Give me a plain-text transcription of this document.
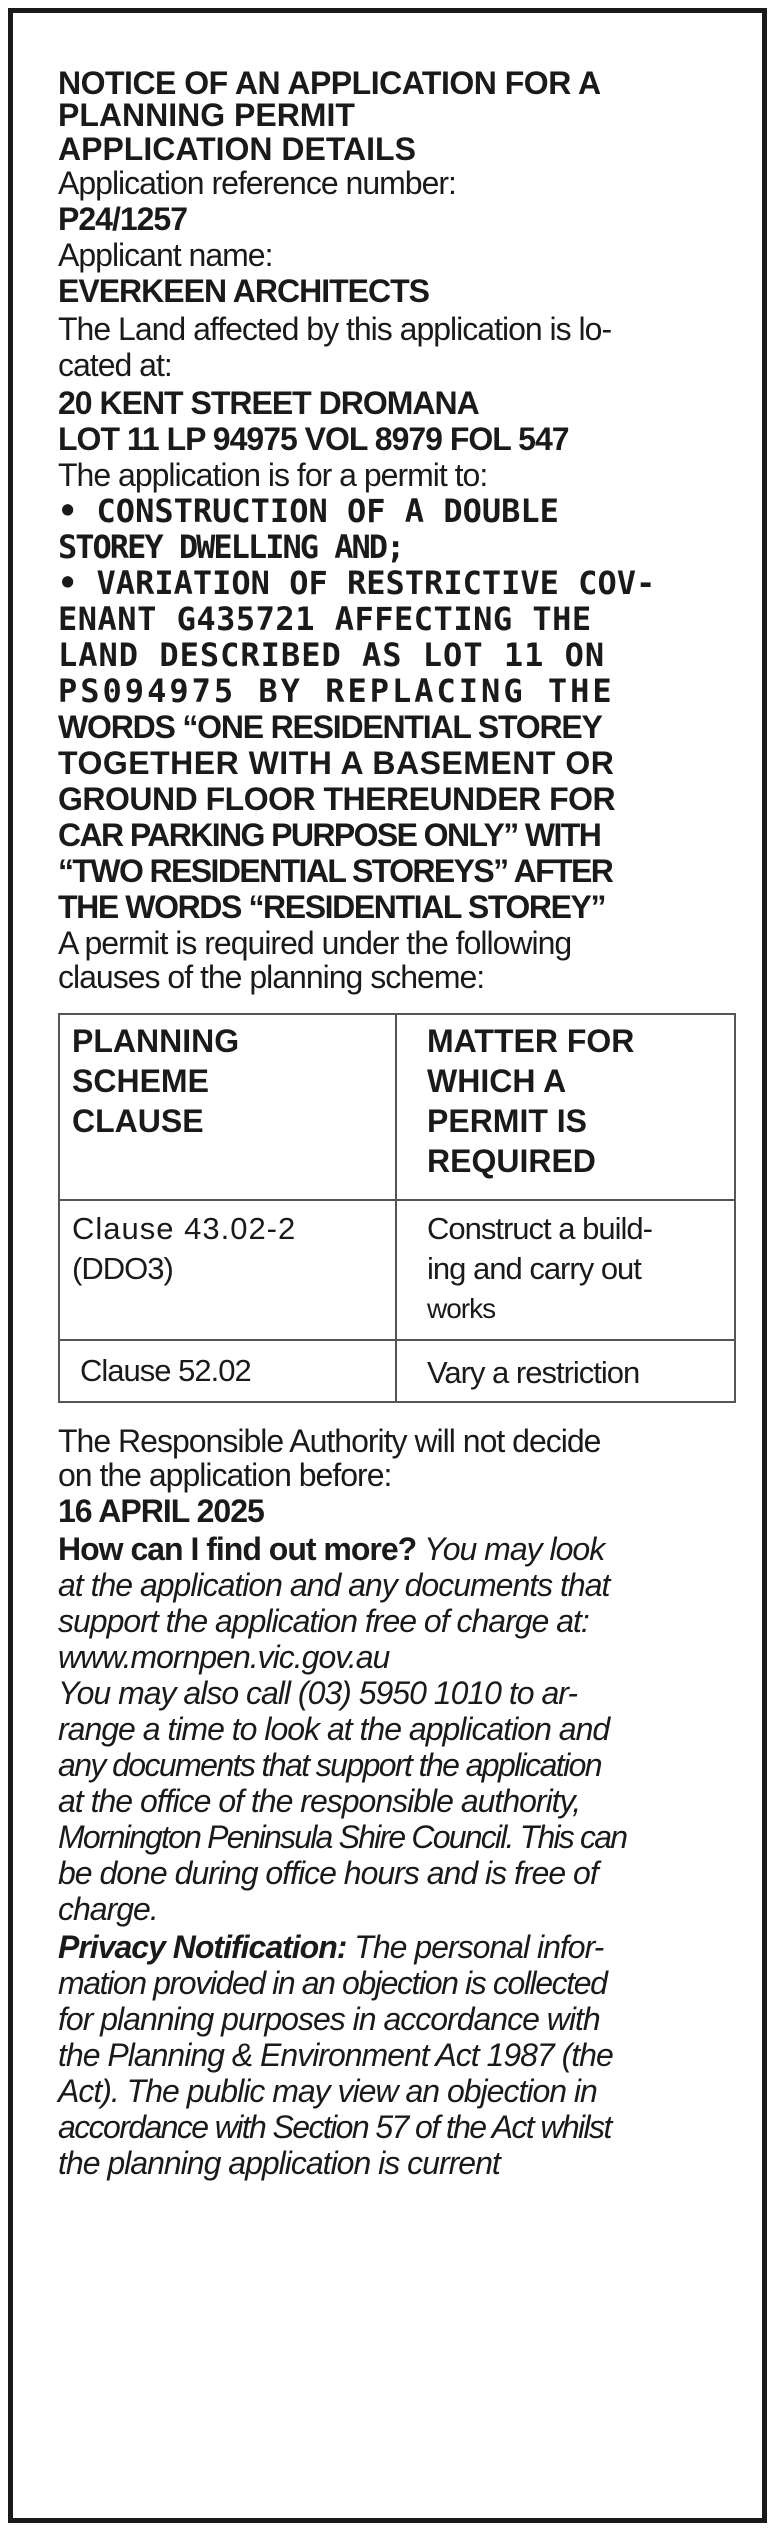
NOTICE OF AN APPLICATION FOR A
PLANNING PERMIT
APPLICATION DETAILS
Application reference number:
P24/1257
Applicant name:
EVERKEEN ARCHITECTS
The Land affected by this application is lo-
cated at:
20 KENT STREET DROMANA
LOT 11 LP 94975 VOL 8979 FOL 547
The application is for a permit to:
• CONSTRUCTION OF A DOUBLE
STOREY DWELLING AND;
• VARIATION OF RESTRICTIVE COV-
ENANT G435721 AFFECTING THE
LAND DESCRIBED AS LOT 11 ON
PS094975 BY REPLACING THE
WORDS “ONE RESIDENTIAL STOREY
TOGETHER WITH A BASEMENT OR
GROUND FLOOR THEREUNDER FOR
CAR PARKING PURPOSE ONLY” WITH
“TWO RESIDENTIAL STOREYS” AFTER
THE WORDS “RESIDENTIAL STOREY”
A permit is required under the following
clauses of the planning scheme:
PLANNING
SCHEME
CLAUSE	MATTER FOR
WHICH A
PERMIT IS
REQUIRED

Clause 43.02-2
(DDO3)	Construct a build-
ing and carry out
works

Clause 52.02	Vary a restriction
The Responsible Authority will not decide
on the application before:
16 APRIL 2025
How can I find out more? You may look
at the application and any documents that
support the application free of charge at:
www.mornpen.vic.gov.au
You may also call (03) 5950 1010 to ar-
range a time to look at the application and
any documents that support the application
at the office of the responsible authority,
Mornington Peninsula Shire Council. This can
be done during office hours and is free of
charge.
Privacy Notification: The personal infor-
mation provided in an objection is collected
for planning purposes in accordance with
the Planning & Environment Act 1987 (the
Act). The public may view an objection in
accordance with Section 57 of the Act whilst
the planning application is current
